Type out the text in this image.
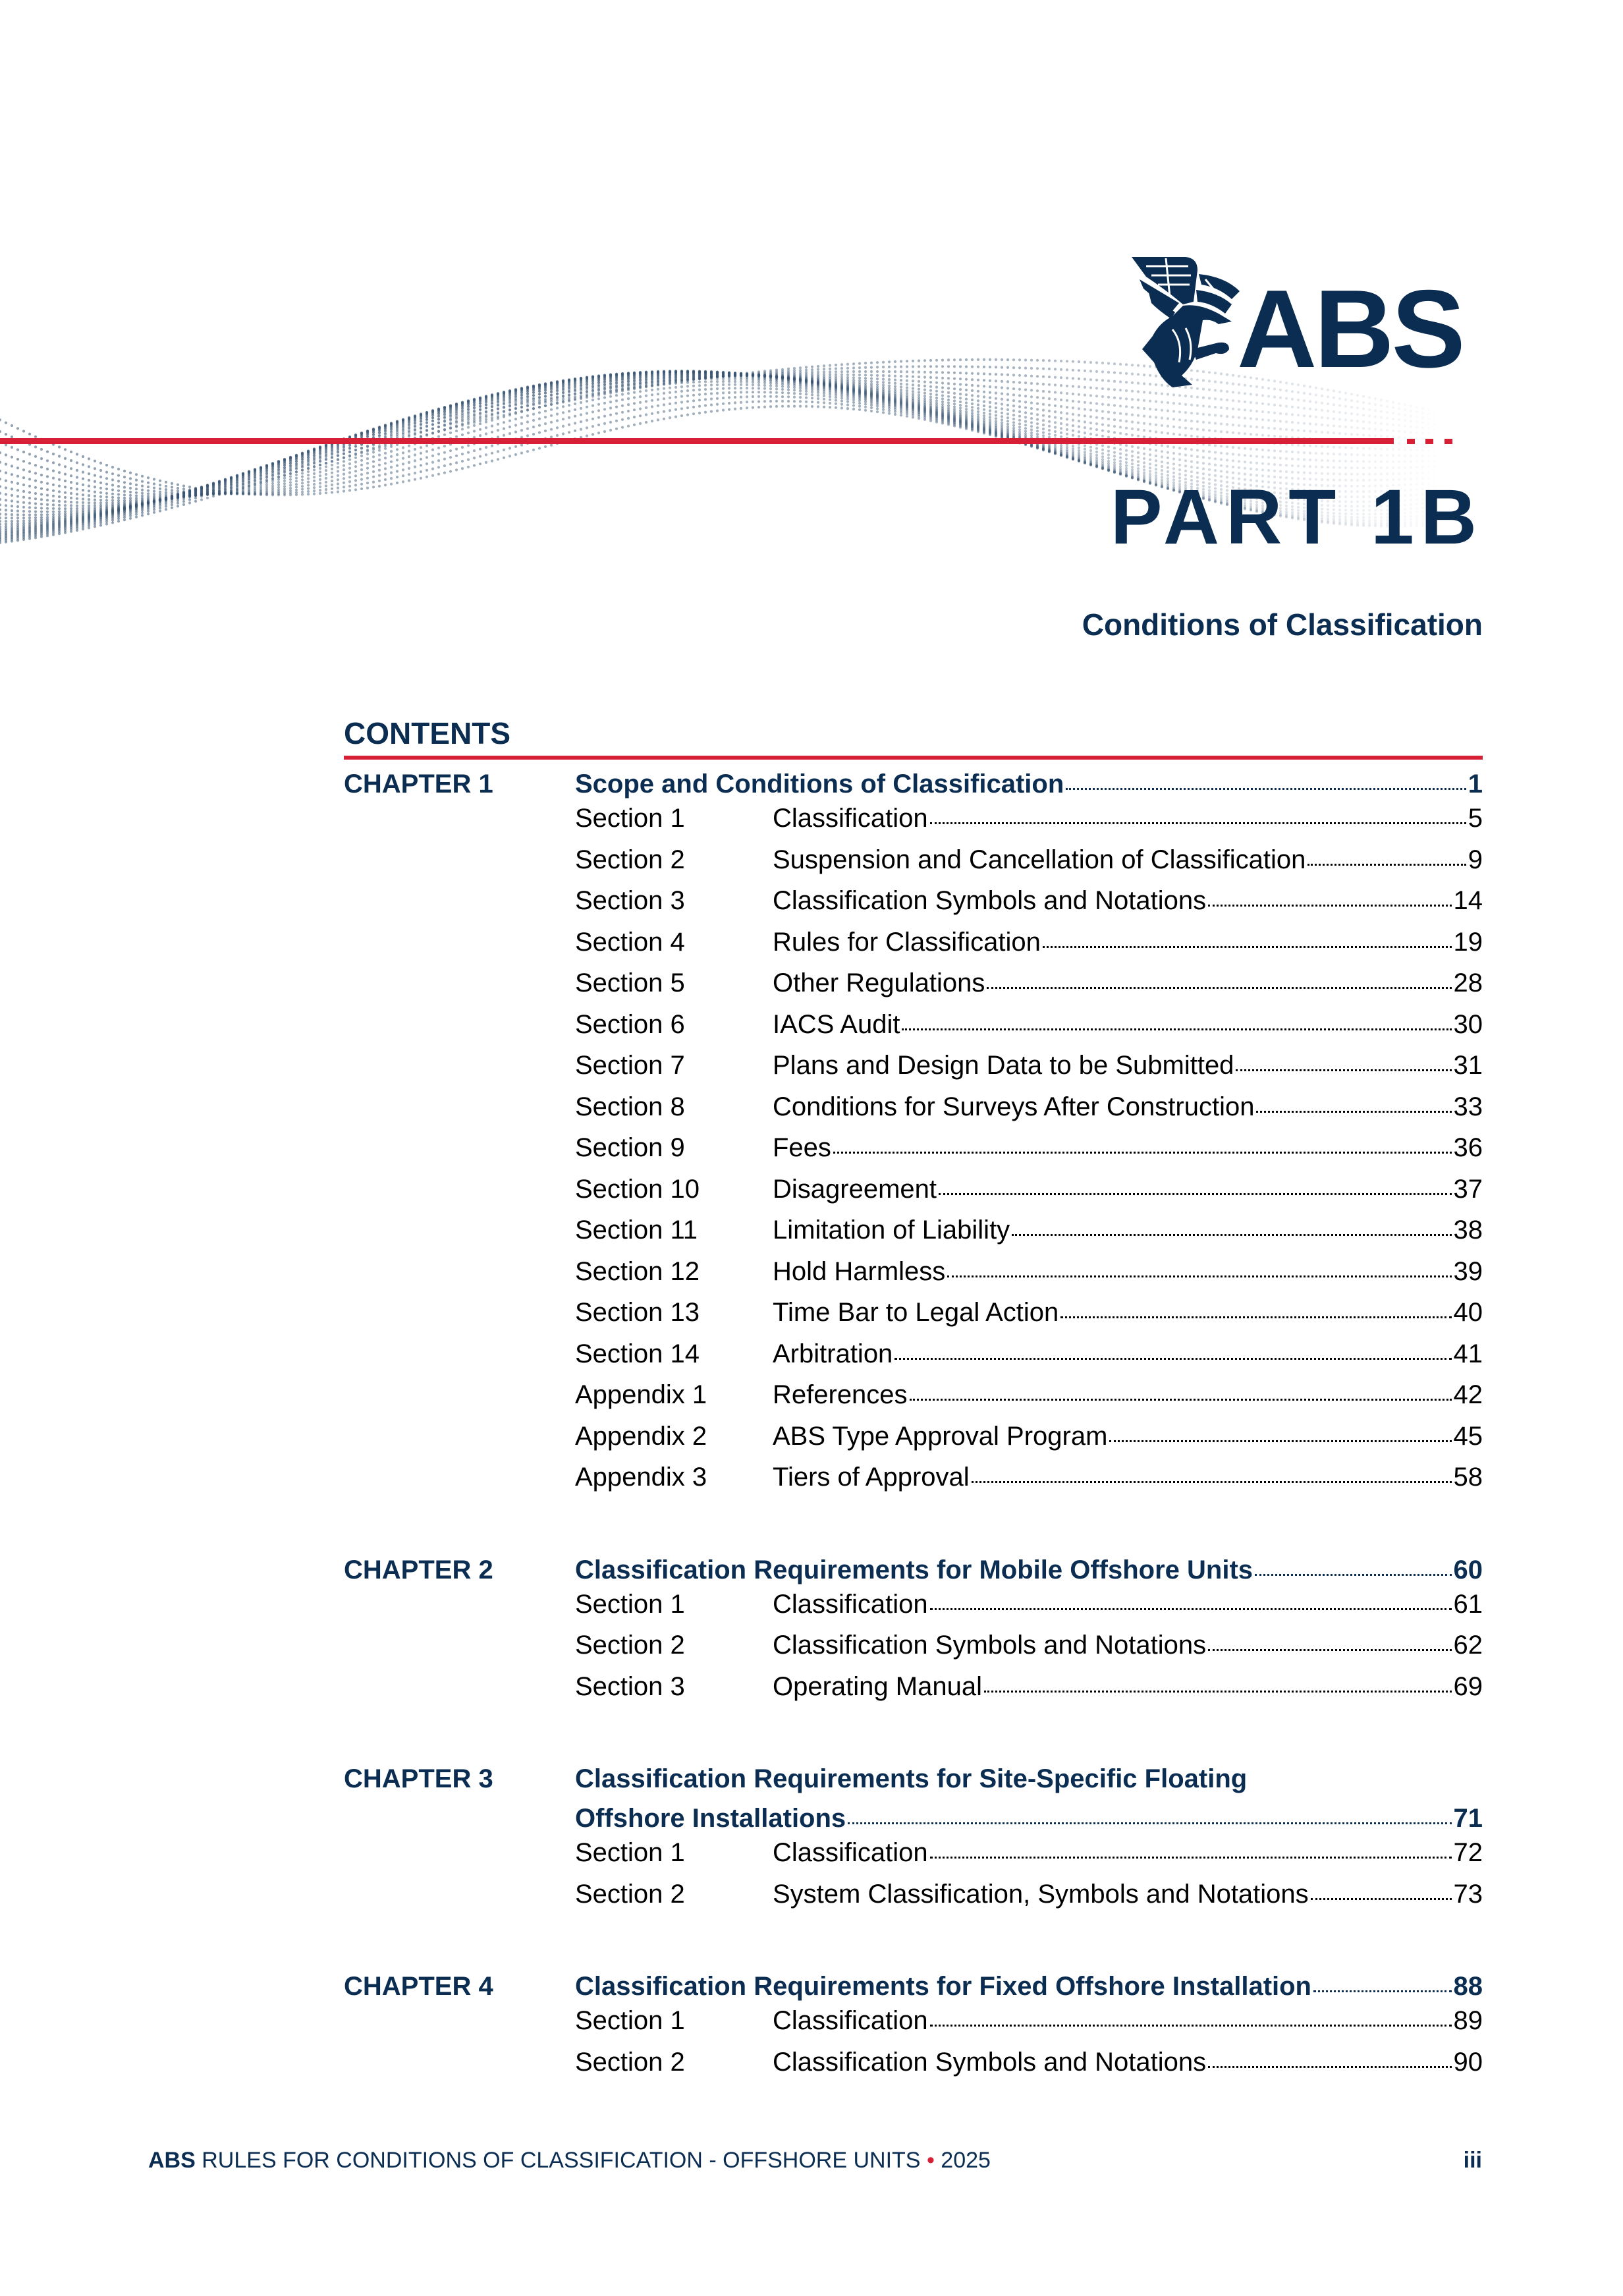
ABS
PART 1B
Conditions of Classification
CONTENTS
CHAPTER 1	Scope and Conditions of Classification	1
Section 1	Classification	5
Section 2	Suspension and Cancellation of Classification	9
Section 3	Classification Symbols and Notations	14
Section 4	Rules for Classification	19
Section 5	Other Regulations	28
Section 6	IACS Audit	30
Section 7	Plans and Design Data to be Submitted	31
Section 8	Conditions for Surveys After Construction	33
Section 9	Fees	36
Section 10	Disagreement	37
Section 11	Limitation of Liability	38
Section 12	Hold Harmless	39
Section 13	Time Bar to Legal Action	40
Section 14	Arbitration	41
Appendix 1	References	42
Appendix 2	ABS Type Approval Program	45
Appendix 3	Tiers of Approval	58
CHAPTER 2	Classification Requirements for Mobile Offshore Units	60
Section 1	Classification	61
Section 2	Classification Symbols and Notations	62
Section 3	Operating Manual	69
CHAPTER 3	Classification Requirements for Site-Specific Floating
Offshore Installations	71
Section 1	Classification	72
Section 2	System Classification, Symbols and Notations	73
CHAPTER 4	Classification Requirements for Fixed Offshore Installation	88
Section 1	Classification	89
Section 2	Classification Symbols and Notations	90
ABS RULES FOR CONDITIONS OF CLASSIFICATION - OFFSHORE UNITS • 2025	iii
